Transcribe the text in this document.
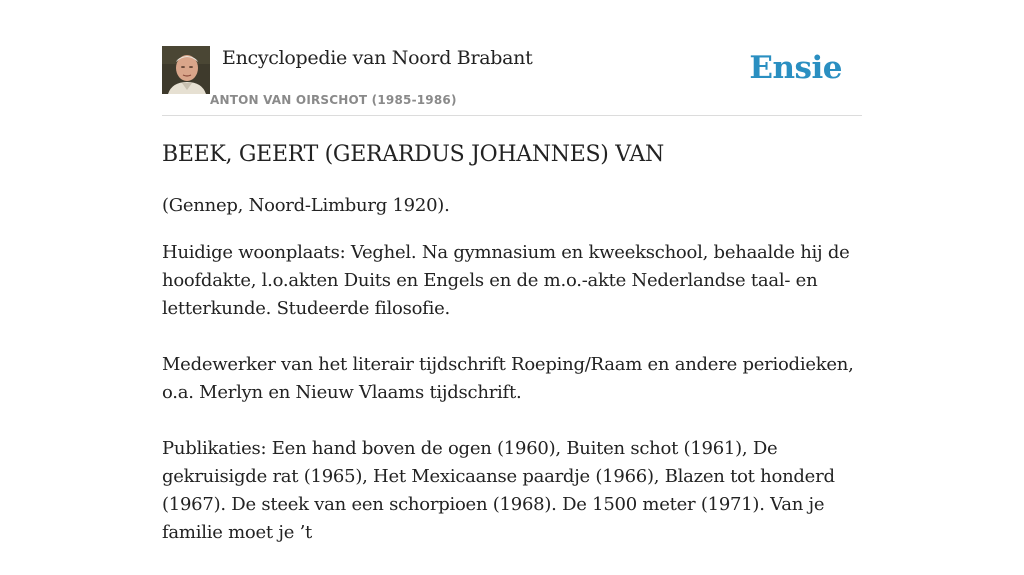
Encyclopedie van Noord Brabant
ANTON VAN OIRSCHOT (1985-1986)
Ensie
BEEK, GEERT (GERARDUS JOHANNES) VAN

(Gennep, Noord-Limburg 1920).

Huidige woonplaats: Veghel. Na gymnasium en kweekschool, behaalde hij de hoofdakte, l.o.akten Duits en Engels en de m.o.-akte Nederlandse taal- en letterkunde. Studeerde filosofie.

Medewerker van het literair tijdschrift Roeping/Raam en andere periodieken, o.a. Merlyn en Nieuw Vlaams tijdschrift.

Publikaties: Een hand boven de ogen (1960), Buiten schot (1961), De gekruisigde rat (1965), Het Mexicaanse paardje (1966), Blazen tot honderd (1967). De steek van een schorpioen (1968). De 1500 meter (1971). Van je familie moet je ’t
